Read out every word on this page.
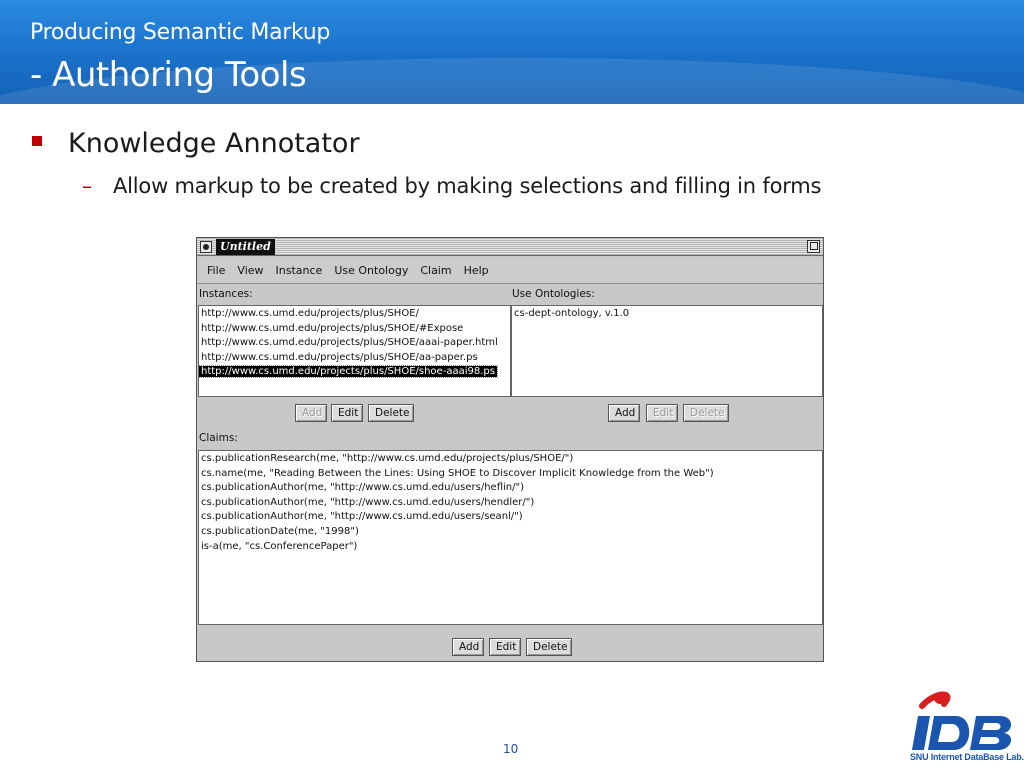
Producing Semantic Markup
- Authoring Tools
Knowledge Annotator
–	Allow markup to be created by making selections and filling in forms
Untitled
File View Instance Use Ontology Claim Help
Instances:	Use Ontologies:
http://www.cs.umd.edu/projects/plus/SHOE/
http://www.cs.umd.edu/projects/plus/SHOE/#Expose
http://www.cs.umd.edu/projects/plus/SHOE/aaai-paper.html
http://www.cs.umd.edu/projects/plus/SHOE/aa-paper.ps
http://www.cs.umd.edu/projects/plus/SHOE/shoe-aaai98.ps
cs-dept-ontology, v.1.0
Add	Edit	Delete	Add	Edit	Delete
Claims:
cs.publicationResearch(me, "http://www.cs.umd.edu/projects/plus/SHOE/")
cs.name(me, "Reading Between the Lines: Using SHOE to Discover Implicit Knowledge from the Web")
cs.publicationAuthor(me, "http://www.cs.umd.edu/users/heflin/")
cs.publicationAuthor(me, "http://www.cs.umd.edu/users/hendler/")
cs.publicationAuthor(me, "http://www.cs.umd.edu/users/seanl/")
cs.publicationDate(me, "1998")
is-a(me, "cs.ConferencePaper")
Add	Edit	Delete
10
SNU Internet DataBase Lab.
